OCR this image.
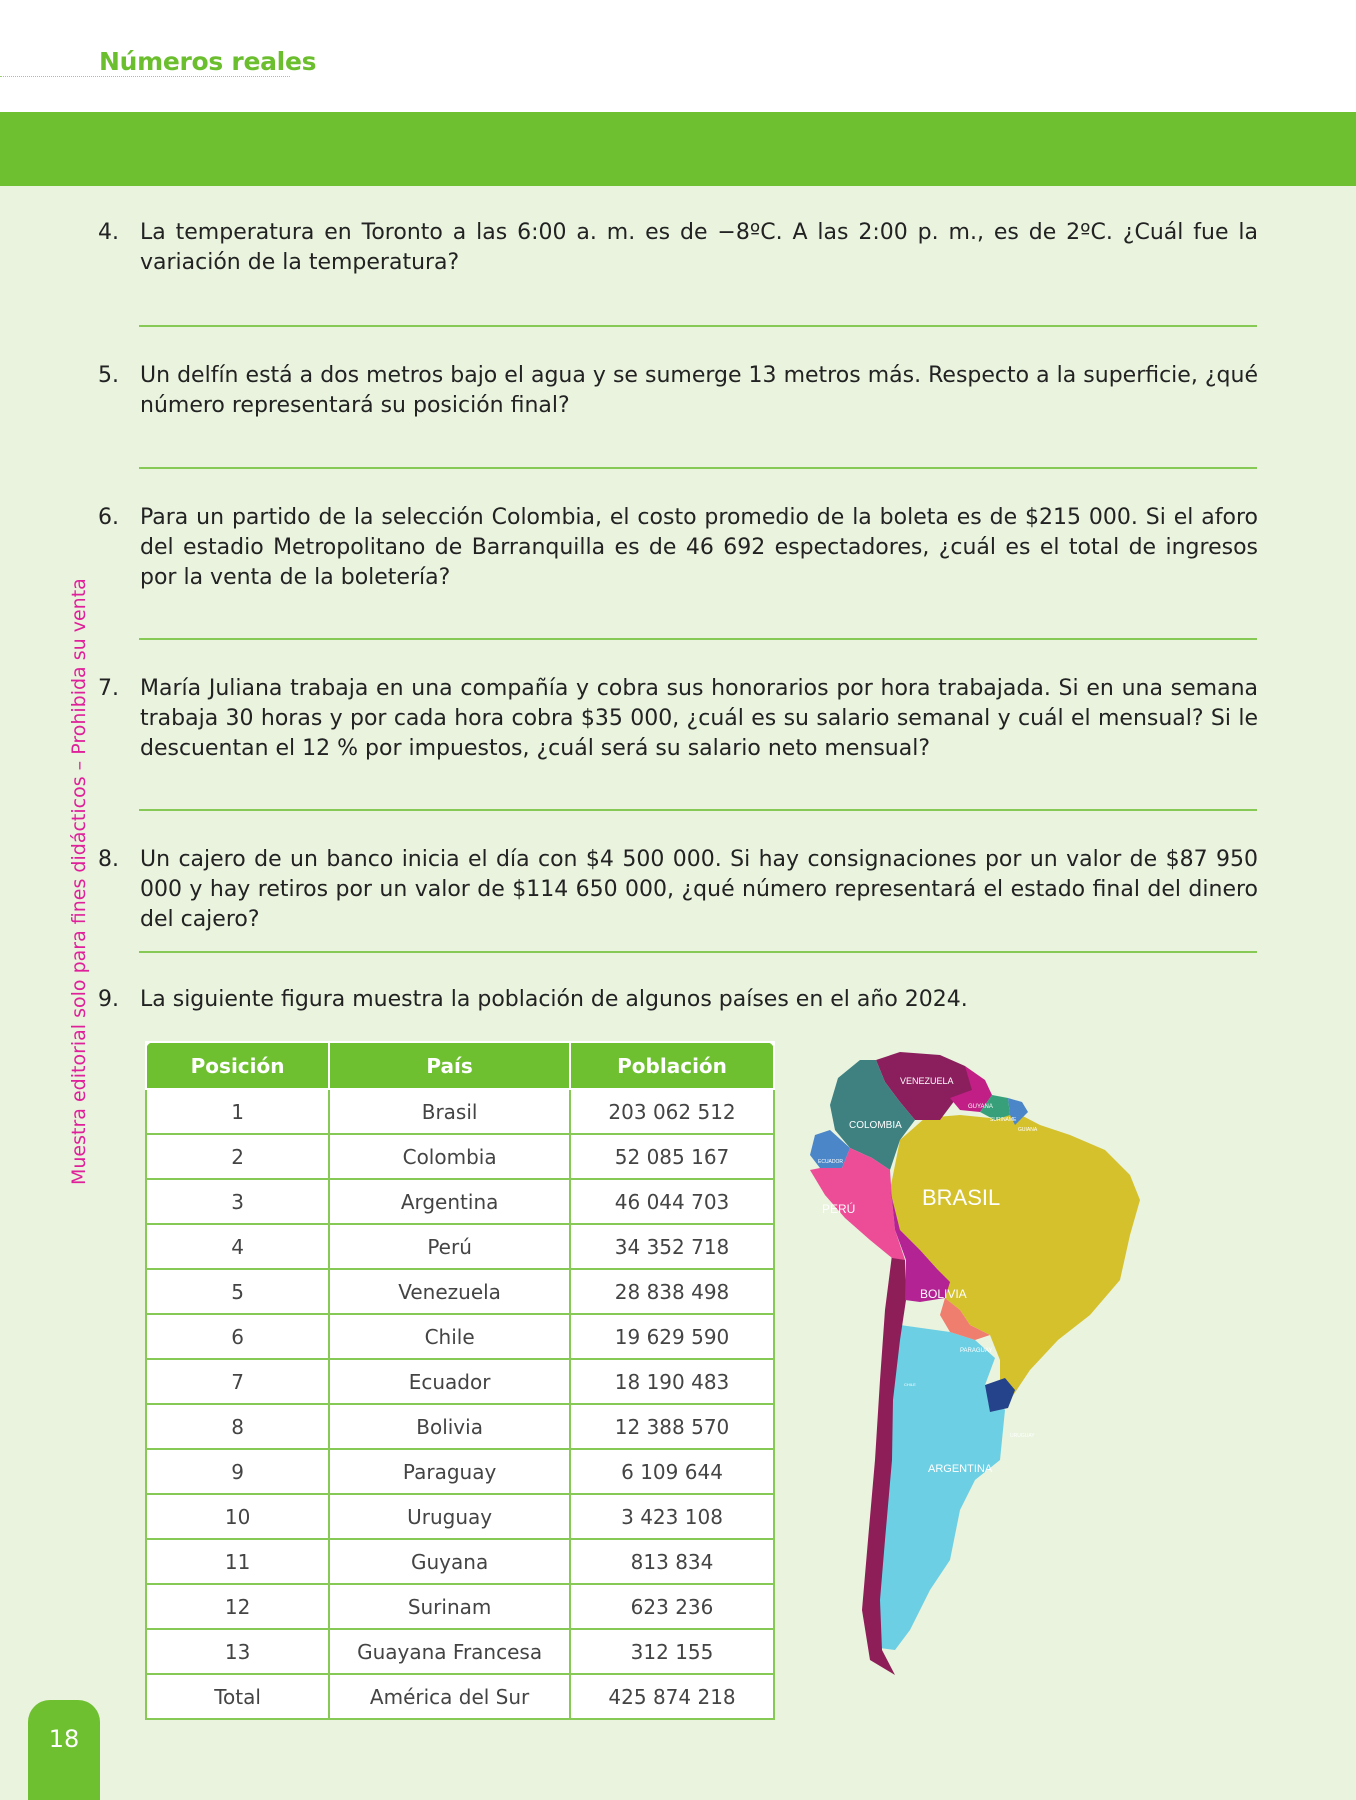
Números reales
4. La temperatura en Toronto a las 6:00 a. m. es de −8ºC. A las 2:00 p. m., es de 2ºC. ¿Cuál fue la variación de la temperatura?
5. Un delfín está a dos metros bajo el agua y se sumerge 13 metros más. Respecto a la superficie, ¿qué número representará su posición final?
6. Para un partido de la selección Colombia, el costo promedio de la boleta es de $215 000. Si el aforo del estadio Metropolitano de Barranquilla es de 46 692 espectadores, ¿cuál es el total de ingresos por la venta de la boletería?
7. María Juliana trabaja en una compañía y cobra sus honorarios por hora trabajada. Si en una semana trabaja 30 horas y por cada hora cobra $35 000, ¿cuál es su salario semanal y cuál el mensual? Si le descuentan el 12 % por impuestos, ¿cuál será su salario neto mensual?
8. Un cajero de un banco inicia el día con $4 500 000. Si hay consignaciones por un valor de $87 950 000 y hay retiros por un valor de $114 650 000, ¿qué número representará el estado final del dinero del cajero?
9. La siguiente figura muestra la población de algunos países en el año 2024.
Posición	País	Población
1	Brasil	203 062 512
2	Colombia	52 085 167
3	Argentina	46 044 703
4	Perú	34 352 718
5	Venezuela	28 838 498
6	Chile	19 629 590
7	Ecuador	18 190 483
8	Bolivia	12 388 570
9	Paraguay	6 109 644
10	Uruguay	3 423 108
11	Guyana	813 834
12	Surinam	623 236
13	Guayana Francesa	312 155
Total	América del Sur	425 874 218
VENEZUELA
GUYANA
SURINAME
GUIANA
COLOMBIA
ECUADOR
PERÚ	BRASIL
BOLIVIA
PARAGUAY
CHILE
URUGUAY
ARGENTINA
Muestra editorial solo para fines didácticos – Prohibida su venta
18
